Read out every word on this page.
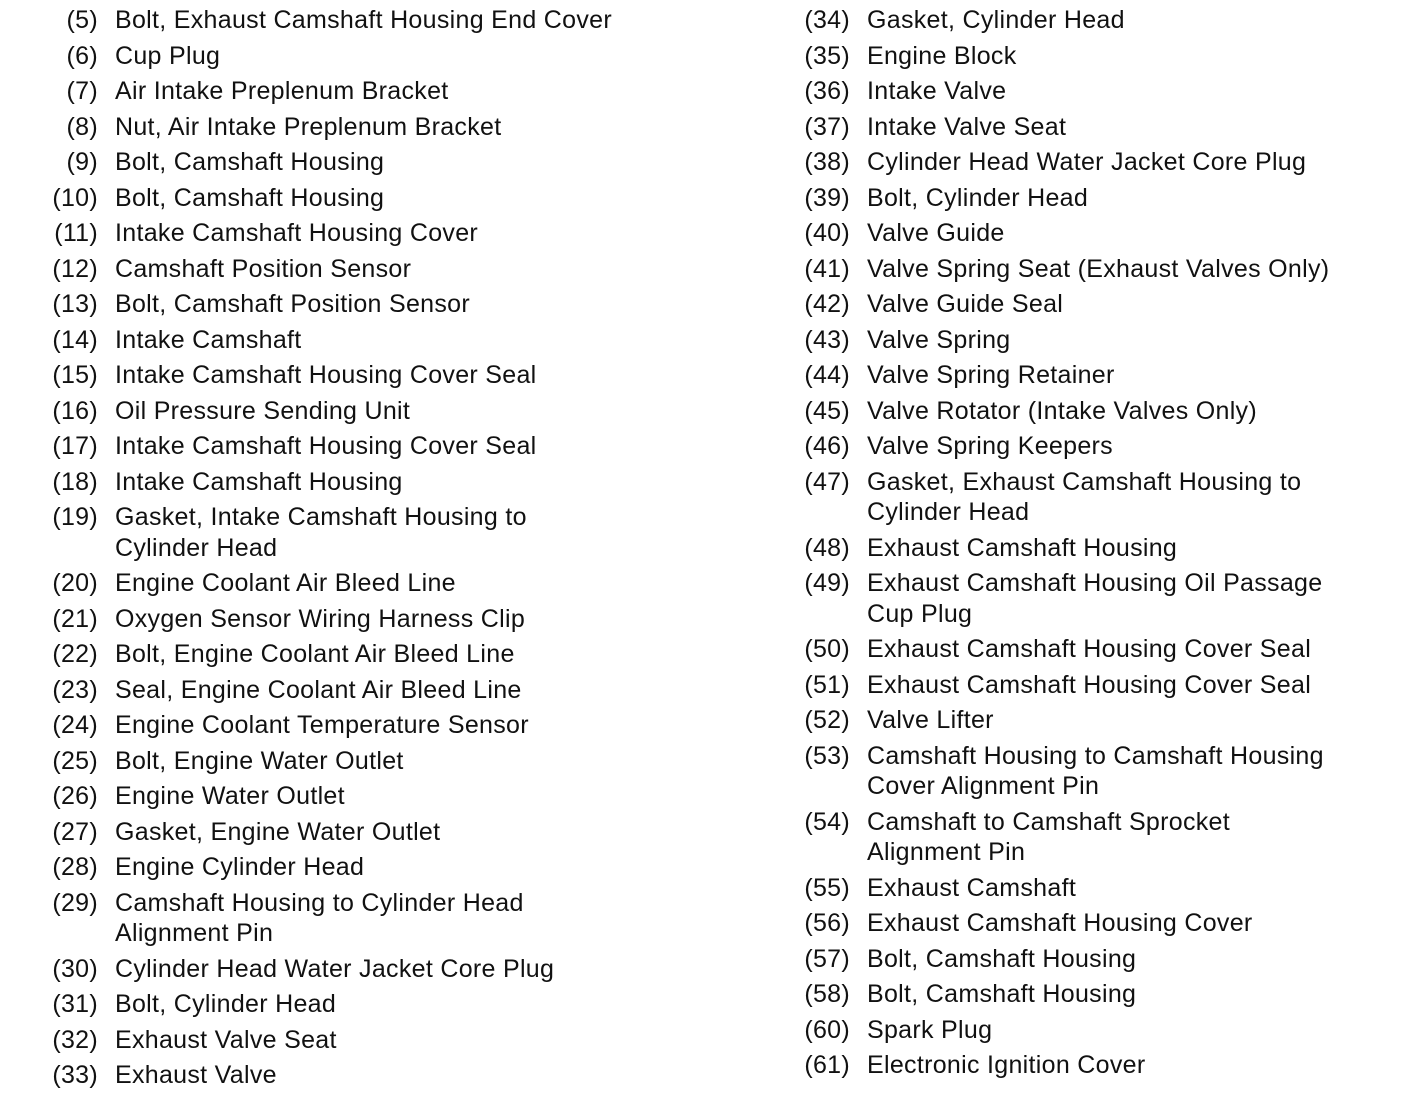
(5) Bolt, Exhaust Camshaft Housing End Cover
(6) Cup Plug
(7) Air Intake Preplenum Bracket
(8) Nut, Air Intake Preplenum Bracket
(9) Bolt, Camshaft Housing
(10) Bolt, Camshaft Housing
(11) Intake Camshaft Housing Cover
(12) Camshaft Position Sensor
(13) Bolt, Camshaft Position Sensor
(14) Intake Camshaft
(15) Intake Camshaft Housing Cover Seal
(16) Oil Pressure Sending Unit
(17) Intake Camshaft Housing Cover Seal
(18) Intake Camshaft Housing
(19) Gasket, Intake Camshaft Housing to
Cylinder Head
(20) Engine Coolant Air Bleed Line
(21) Oxygen Sensor Wiring Harness Clip
(22) Bolt, Engine Coolant Air Bleed Line
(23) Seal, Engine Coolant Air Bleed Line
(24) Engine Coolant Temperature Sensor
(25) Bolt, Engine Water Outlet
(26) Engine Water Outlet
(27) Gasket, Engine Water Outlet
(28) Engine Cylinder Head
(29) Camshaft Housing to Cylinder Head
Alignment Pin
(30) Cylinder Head Water Jacket Core Plug
(31) Bolt, Cylinder Head
(32) Exhaust Valve Seat
(33) Exhaust Valve
(34) Gasket, Cylinder Head
(35) Engine Block
(36) Intake Valve
(37) Intake Valve Seat
(38) Cylinder Head Water Jacket Core Plug
(39) Bolt, Cylinder Head
(40) Valve Guide
(41) Valve Spring Seat (Exhaust Valves Only)
(42) Valve Guide Seal
(43) Valve Spring
(44) Valve Spring Retainer
(45) Valve Rotator (Intake Valves Only)
(46) Valve Spring Keepers
(47) Gasket, Exhaust Camshaft Housing to
Cylinder Head
(48) Exhaust Camshaft Housing
(49) Exhaust Camshaft Housing Oil Passage
Cup Plug
(50) Exhaust Camshaft Housing Cover Seal
(51) Exhaust Camshaft Housing Cover Seal
(52) Valve Lifter
(53) Camshaft Housing to Camshaft Housing
Cover Alignment Pin
(54) Camshaft to Camshaft Sprocket
Alignment Pin
(55) Exhaust Camshaft
(56) Exhaust Camshaft Housing Cover
(57) Bolt, Camshaft Housing
(58) Bolt, Camshaft Housing
(60) Spark Plug
(61) Electronic Ignition Cover
